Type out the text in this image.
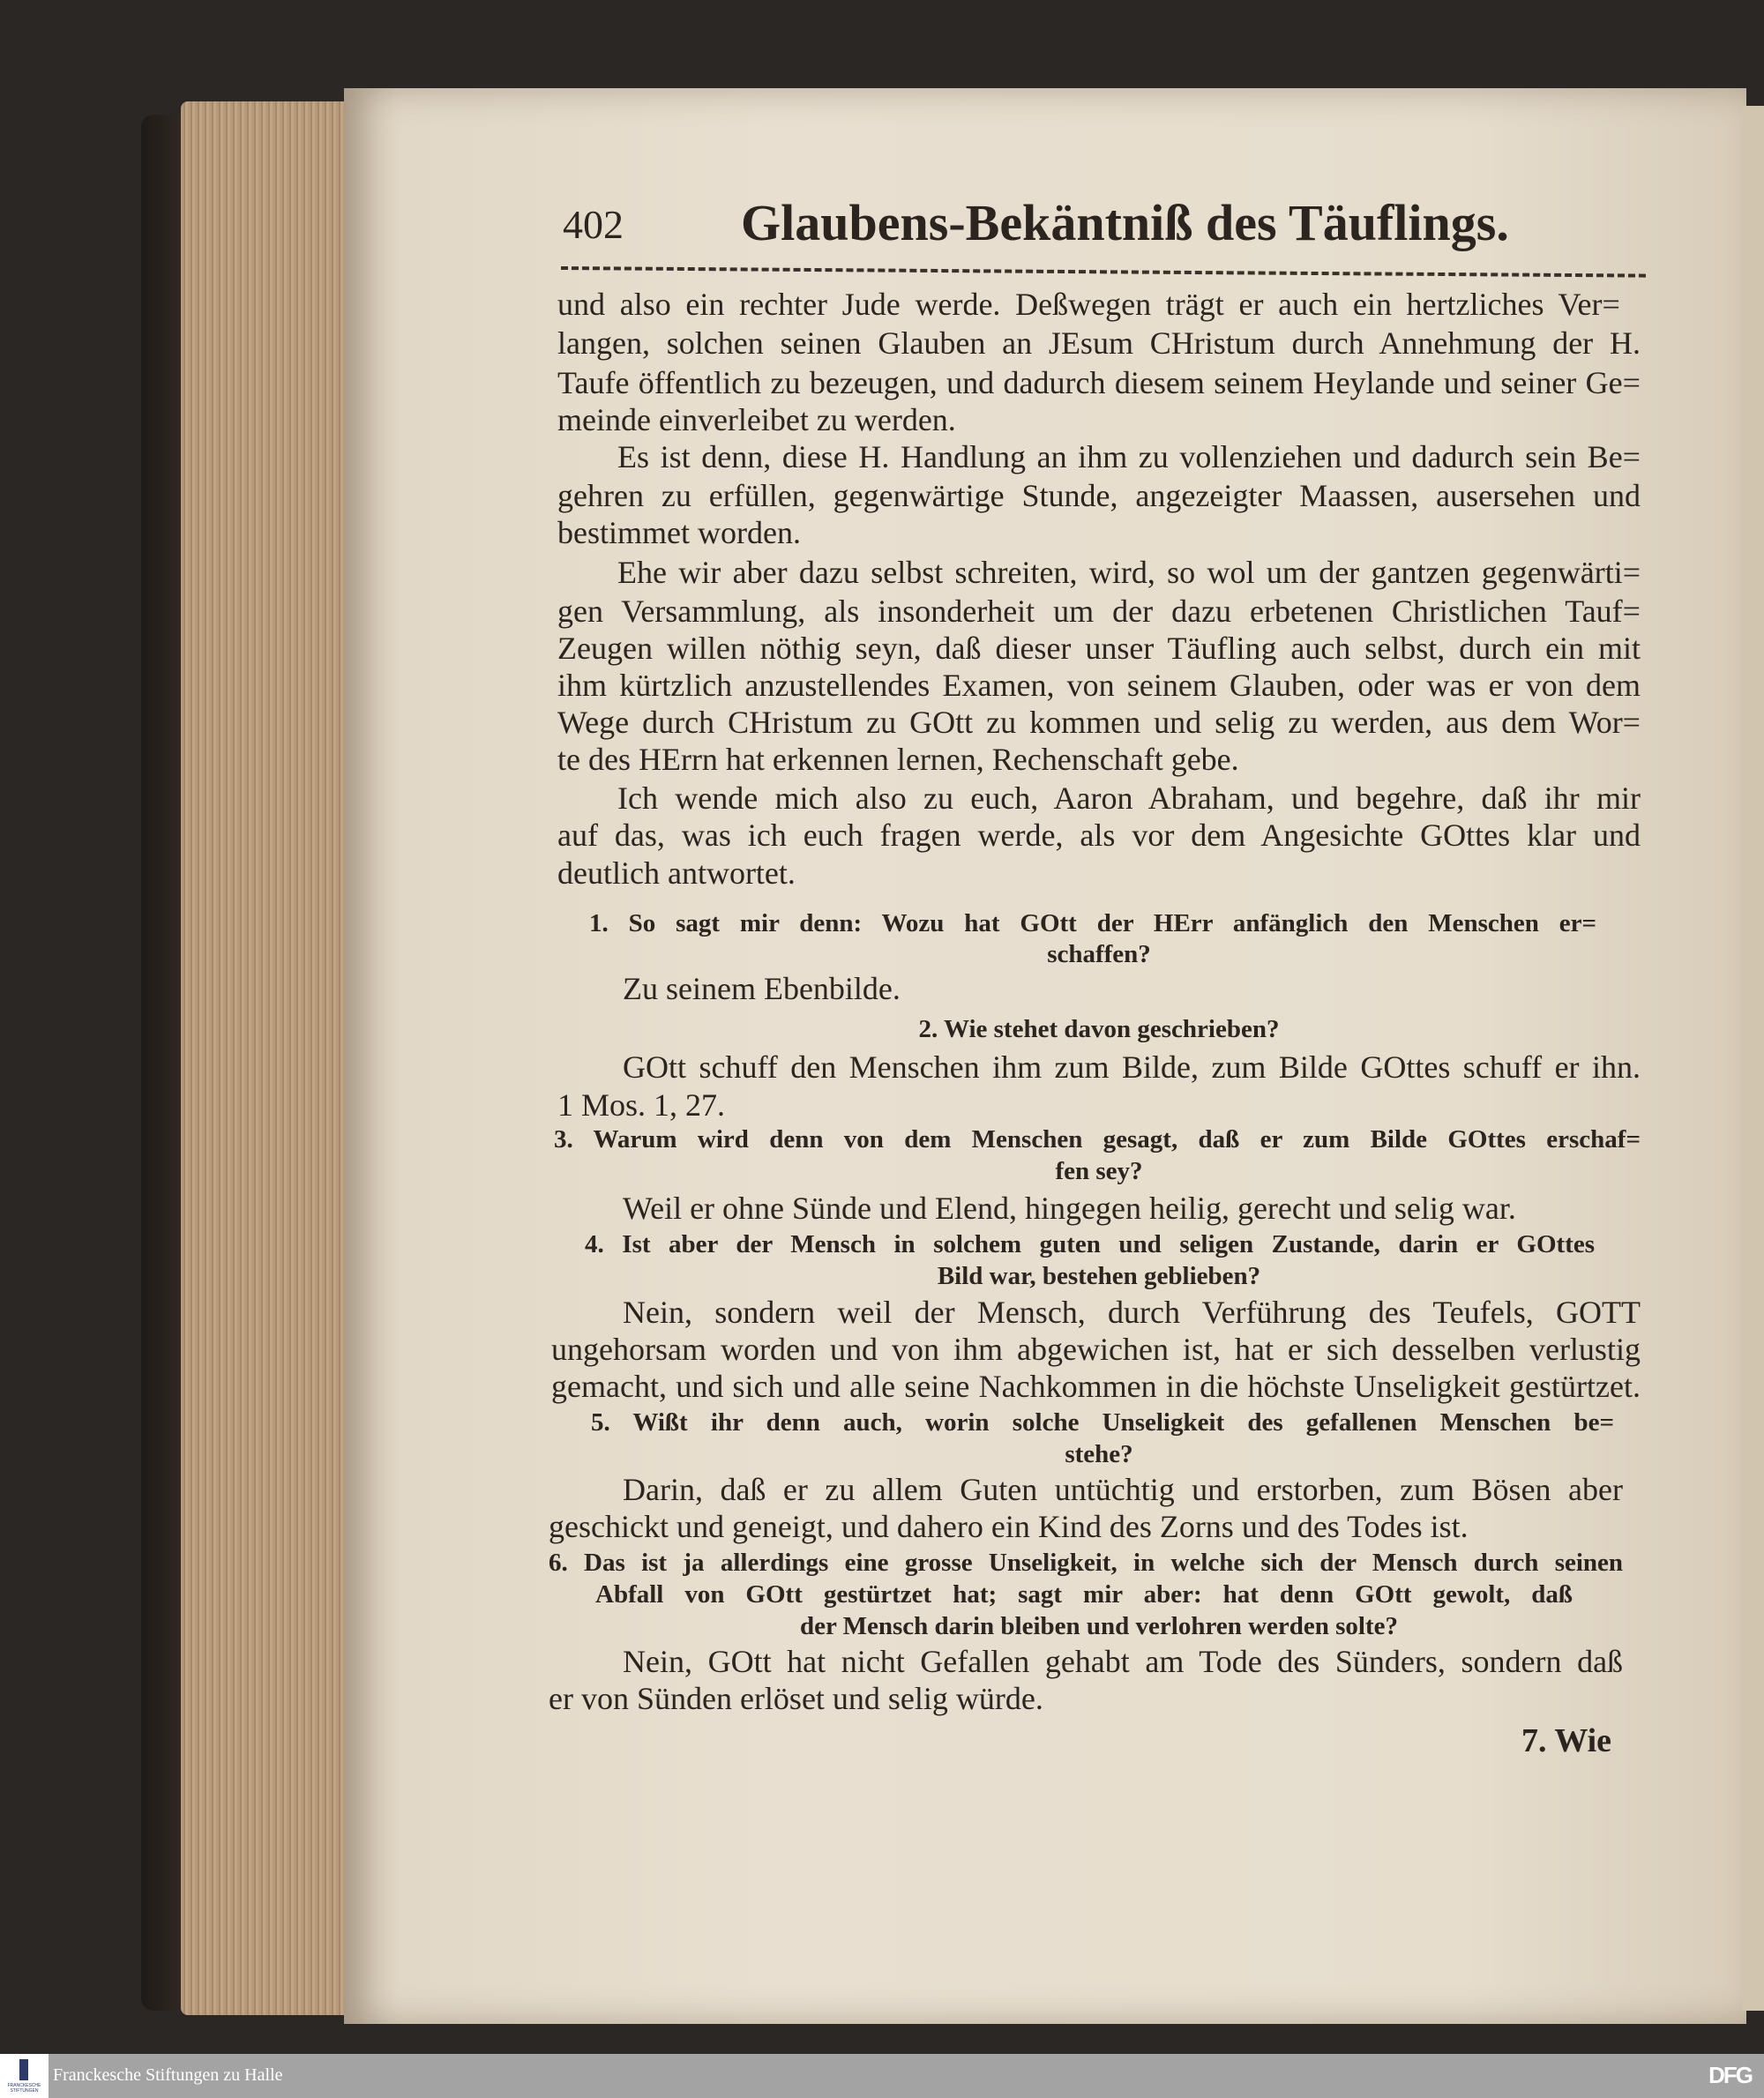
402 Glaubens-Bekäntniß des Täuflings.
und also ein rechter Jude werde. Deßwegen trägt er auch ein hertzliches Ver=
langen, solchen seinen Glauben an JEsum CHristum durch Annehmung der H.
Taufe öffentlich zu bezeugen, und dadurch diesem seinem Heylande und seiner Ge=
meinde einverleibet zu werden.
Es ist denn, diese H. Handlung an ihm zu vollenziehen und dadurch sein Be=
gehren zu erfüllen, gegenwärtige Stunde, angezeigter Maassen, ausersehen und
bestimmet worden.
Ehe wir aber dazu selbst schreiten, wird, so wol um der gantzen gegenwärti=
gen Versammlung, als insonderheit um der dazu erbetenen Christlichen Tauf=
Zeugen willen nöthig seyn, daß dieser unser Täufling auch selbst, durch ein mit
ihm kürtzlich anzustellendes Examen, von seinem Glauben, oder was er von dem
Wege durch CHristum zu GOtt zu kommen und selig zu werden, aus dem Wor=
te des HErrn hat erkennen lernen, Rechenschaft gebe.
Ich wende mich also zu euch, Aaron Abraham, und begehre, daß ihr mir
auf das, was ich euch fragen werde, als vor dem Angesichte GOttes klar und
deutlich antwortet.
1. So sagt mir denn: Wozu hat GOtt der HErr anfänglich den Menschen er=
schaffen?
Zu seinem Ebenbilde.
2. Wie stehet davon geschrieben?
GOtt schuff den Menschen ihm zum Bilde, zum Bilde GOttes schuff er ihn.
1 Mos. 1, 27.
3. Warum wird denn von dem Menschen gesagt, daß er zum Bilde GOttes erschaf=
fen sey?
Weil er ohne Sünde und Elend, hingegen heilig, gerecht und selig war.
4. Ist aber der Mensch in solchem guten und seligen Zustande, darin er GOttes
Bild war, bestehen geblieben?
Nein, sondern weil der Mensch, durch Verführung des Teufels, GOTT
ungehorsam worden und von ihm abgewichen ist, hat er sich desselben verlustig
gemacht, und sich und alle seine Nachkommen in die höchste Unseligkeit gestürtzet.
5. Wißt ihr denn auch, worin solche Unseligkeit des gefallenen Menschen be=
stehe?
Darin, daß er zu allem Guten untüchtig und erstorben, zum Bösen aber
geschickt und geneigt, und dahero ein Kind des Zorns und des Todes ist.
6. Das ist ja allerdings eine grosse Unseligkeit, in welche sich der Mensch durch seinen
Abfall von GOtt gestürtzet hat; sagt mir aber: hat denn GOtt gewolt, daß
der Mensch darin bleiben und verlohren werden solte?
Nein, GOtt hat nicht Gefallen gehabt am Tode des Sünders, sondern daß
er von Sünden erlöset und selig würde.
7. Wie
FRANCKESCHE STIFTUNGEN
Franckesche Stiftungen zu Halle	DFG
